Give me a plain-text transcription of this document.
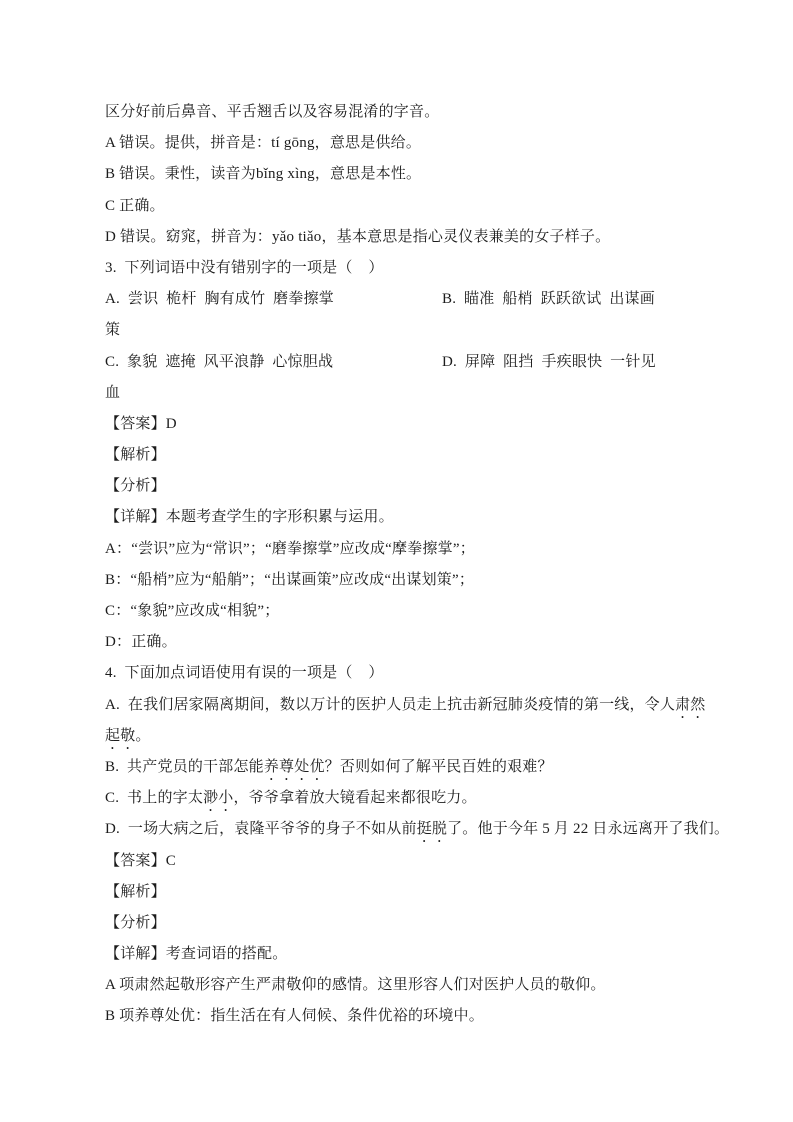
区分好前后鼻音、平舌翘舌以及容易混淆的字音。
A 错误。提供，拼音是：tí gōng，意思是供给。
B 错误。秉性，读音为bǐng xìng，意思是本性。
C 正确。
D 错误。窈窕，拼音为：yǎo tiǎo，基本意思是指心灵仪表兼美的女子样子。
3.  下列词语中没有错别字的一项是（    ）
A.  尝识  桅杆  胸有成竹  磨拳擦掌	B.  瞄准  船梢  跃跃欲试  出谋画
策
C.  象貌  遮掩  风平浪静  心惊胆战	D.  屏障  阻挡  手疾眼快  一针见
血
【答案】D
【解析】
【分析】
【详解】本题考查学生的字形积累与运用。
A：“尝识”应为“常识”；“磨拳擦掌”应改成“摩拳擦掌”；
B：“船梢”应为“船艄”；“出谋画策”应改成“出谋划策”；
C：“象貌”应改成“相貌”；
D：正确。
4.  下面加点词语使用有误的一项是（    ）
A.  在我们居家隔离期间，数以万计的医护人员走上抗击新冠肺炎疫情的第一线，令人肃然
起敬。
B.  共产党员的干部怎能养尊处优？否则如何了解平民百姓的艰难？
C.  书上的字太渺小，爷爷拿着放大镜看起来都很吃力。
D.  一场大病之后，袁隆平爷爷的身子不如从前挺脱了。他于今年 5 月 22 日永远离开了我们。
【答案】C
【解析】
【分析】
【详解】考查词语的搭配。
A 项肃然起敬形容产生严肃敬仰的感情。这里形容人们对医护人员的敬仰。
B 项养尊处优：指生活在有人伺候、条件优裕的环境中。
